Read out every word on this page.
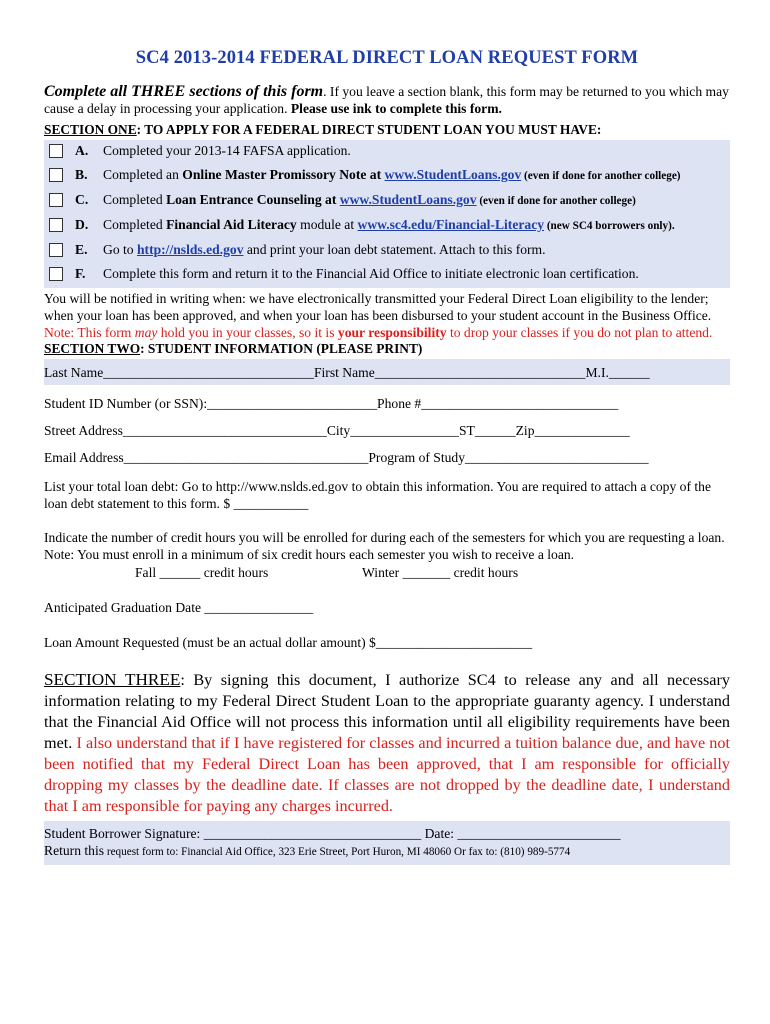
SC4 2013-2014 FEDERAL DIRECT LOAN REQUEST FORM

Complete all THREE sections of this form. If you leave a section blank, this form may be returned to you which may cause a delay in processing your application. Please use ink to complete this form.

SECTION ONE: TO APPLY FOR A FEDERAL DIRECT STUDENT LOAN YOU MUST HAVE:
A.	Completed your 2013-14 FAFSA application.
B.	Completed an Online Master Promissory Note at www.StudentLoans.gov (even if done for another college)
C.	Completed Loan Entrance Counseling at www.StudentLoans.gov (even if done for another college)
D.	Completed Financial Aid Literacy module at www.sc4.edu/Financial-Literacy (new SC4 borrowers only).
E.	Go to http://nslds.ed.gov and print your loan debt statement. Attach to this form.
F.	Complete this form and return it to the Financial Aid Office to initiate electronic loan certification.
You will be notified in writing when: we have electronically transmitted your Federal Direct Loan eligibility to the lender; when your loan has been approved, and when your loan has been disbursed to your student account in the Business Office. Note: This form may hold you in your classes, so it is your responsibility to drop your classes if you do not plan to attend.
SECTION TWO: STUDENT INFORMATION (PLEASE PRINT)
Last Name_______________________________First Name_______________________________M.I.______
Student ID Number (or SSN):_________________________Phone #_____________________________
Street Address______________________________City________________ST______Zip______________
Email Address____________________________________Program of Study___________________________
List your total loan debt: Go to http://www.nslds.ed.gov to obtain this information. You are required to attach a copy of the loan debt statement to this form. $ ___________
Indicate the number of credit hours you will be enrolled for during each of the semesters for which you are requesting a loan. Note: You must enroll in a minimum of six credit hours each semester you wish to receive a loan.
Fall ______ credit hours	Winter _______ credit hours
Anticipated Graduation Date ________________
Loan Amount Requested (must be an actual dollar amount) $_______________________
SECTION THREE: By signing this document, I authorize SC4 to release any and all necessary information relating to my Federal Direct Student Loan to the appropriate guaranty agency. I understand that the Financial Aid Office will not process this information until all eligibility requirements have been met. I also understand that if I have registered for classes and incurred a tuition balance due, and have not been notified that my Federal Direct Loan has been approved, that I am responsible for officially dropping my classes by the deadline date. If classes are not dropped by the deadline date, I understand that I am responsible for paying any charges incurred.
Student Borrower Signature: ________________________________ Date: ________________________
Return this request form to: Financial Aid Office, 323 Erie Street, Port Huron, MI 48060 Or fax to: (810) 989-5774
